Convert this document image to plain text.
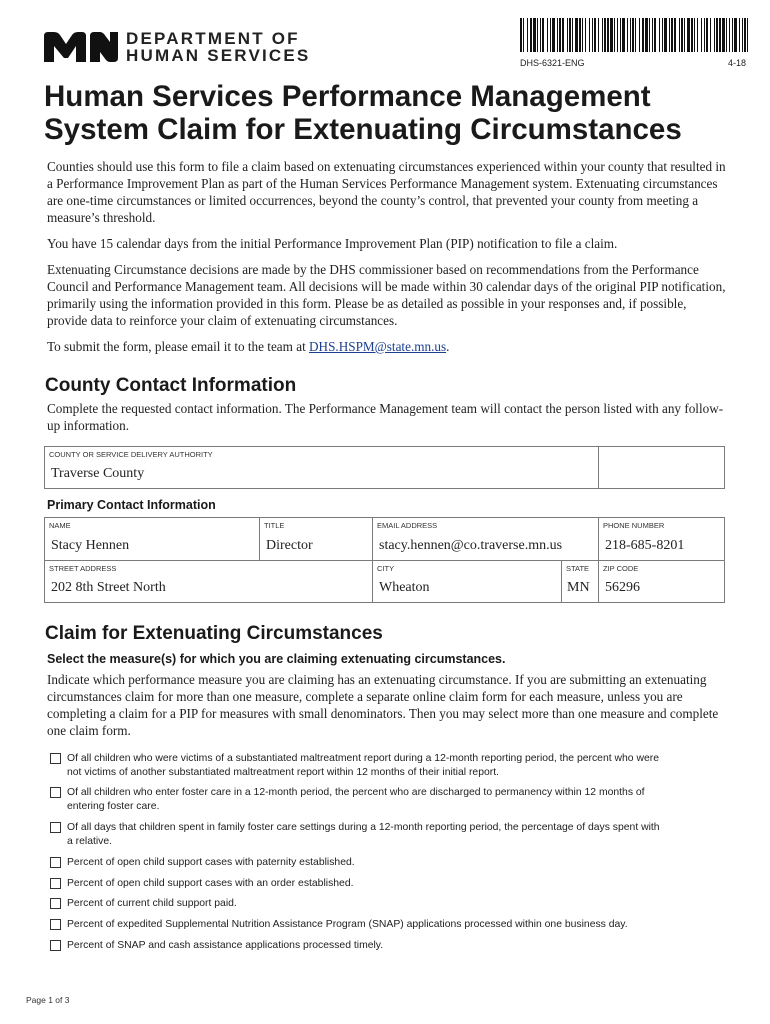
DEPARTMENT OF
HUMAN SERVICES	DHS-6321-ENG	4-18
Human Services Performance Management
System Claim for Extenuating Circumstances

Counties should use this form to file a claim based on extenuating circumstances experienced within your county that resulted in a Performance Improvement Plan as part of the Human Services Performance Management system. Extenuating circumstances are one-time circumstances or limited occurrences, beyond the county’s control, that prevented your county from meeting a measure’s threshold.

You have 15 calendar days from the initial Performance Improvement Plan (PIP) notification to file a claim.

Extenuating Circumstance decisions are made by the DHS commissioner based on recommendations from the Performance Council and Performance Management team. All decisions will be made within 30 calendar days of the original PIP notification, primarily using the information provided in this form. Please be as detailed as possible in your responses and, if possible, provide data to reinforce your claim of extenuating circumstances.

To submit the form, please email it to the team at DHS.HSPM@state.mn.us.

County Contact Information

Complete the requested contact information. The Performance Management team will contact the person listed with any follow-up information.

COUNTY OR SERVICE DELIVERY AUTHORITY
Traverse County
Primary Contact Information
NAME
Stacy Hennen
TITLE
Director
EMAIL ADDRESS
stacy.hennen@co.traverse.mn.us
PHONE NUMBER
218-685-8201
STREET ADDRESS
202 8th Street North
CITY
Wheaton
STATE
MN
ZIP CODE
56296
Claim for Extenuating Circumstances
Select the measure(s) for which you are claiming extenuating circumstances.

Indicate which performance measure you are claiming has an extenuating circumstance. If you are submitting an extenuating circumstances claim for more than one measure, complete a separate online claim form for each measure, unless you are completing a claim for a PIP for measures with small denominators. Then you may select more than one measure and complete one claim form.

Of all children who were victims of a substantiated maltreatment report during a 12-month reporting period, the percent who were
not victims of another substantiated maltreatment report within 12 months of their initial report.
Of all children who enter foster care in a 12-month period, the percent who are discharged to permanency within 12 months of
entering foster care.
Of all days that children spent in family foster care settings during a 12-month reporting period, the percentage of days spent with
a relative.
Percent of open child support cases with paternity established.
Percent of open child support cases with an order established.
Percent of current child support paid.
Percent of expedited Supplemental Nutrition Assistance Program (SNAP) applications processed within one business day.
Percent of SNAP and cash assistance applications processed timely.
Page 1 of 3
